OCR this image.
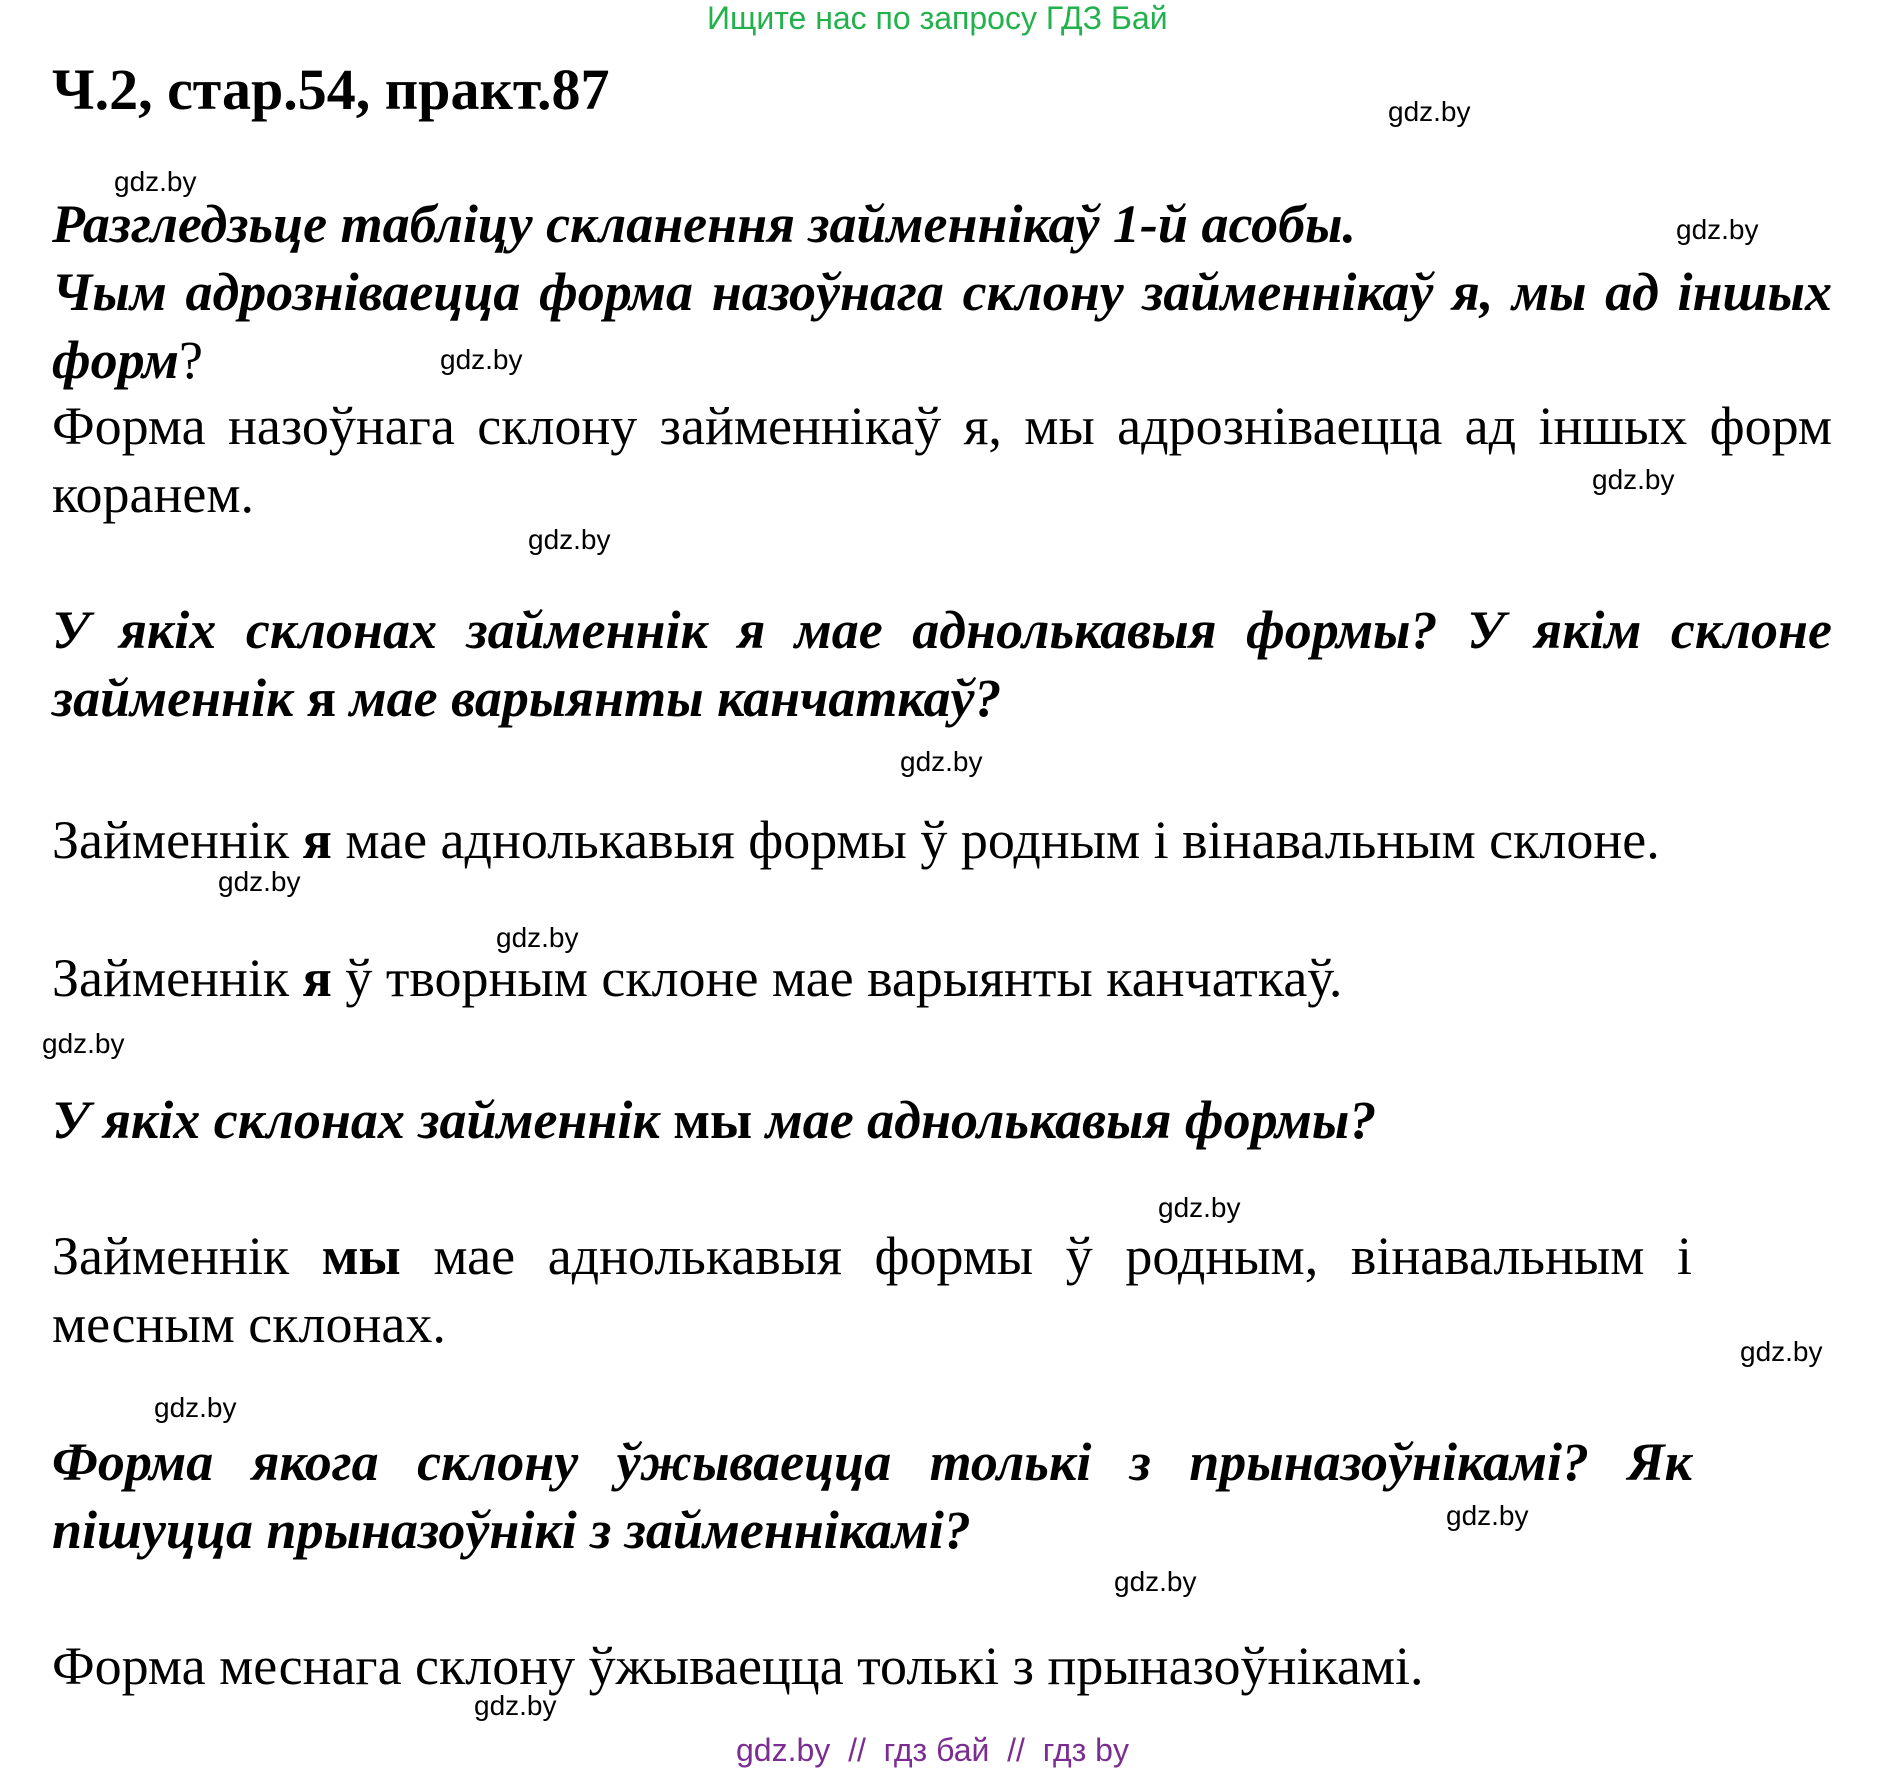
Ищите нас по запросу ГДЗ Бай
Ч.2, стар.54, практ.87
Разгледзьце табліцу скланення займеннікаў 1-й асобы.
Чым адрозніваецца форма назоўнага склону займеннікаў я, мы ад іншых форм?
Форма назоўнага склону займеннікаў я, мы адрозніваецца ад іншых форм коранем.
У якіх склонах займеннік я мае аднолькавыя формы? У якім склоне займеннік я мае варыянты канчаткаў?
Займеннік я мае аднолькавыя формы ў родным і вінавальным склоне.
Займеннік я ў творным склоне мае варыянты канчаткаў.
У якіх склонах займеннік мы мае аднолькавыя формы?
Займеннік мы мае аднолькавыя формы ў родным, вінавальным і месным склонах.
Форма якога склону ўжываецца толькі з прыназоўнікамі? Як пішуцца прыназоўнікі з займеннікамі?
Форма меснага склону ўжываецца толькі з прыназоўнікамі.
gdz.by
gdz.by
gdz.by
gdz.by
gdz.by
gdz.by
gdz.by
gdz.by
gdz.by
gdz.by
gdz.by
gdz.by
gdz.by
gdz.by
gdz.by
gdz.by
gdz.by  //  гдз бай  //  гдз by
